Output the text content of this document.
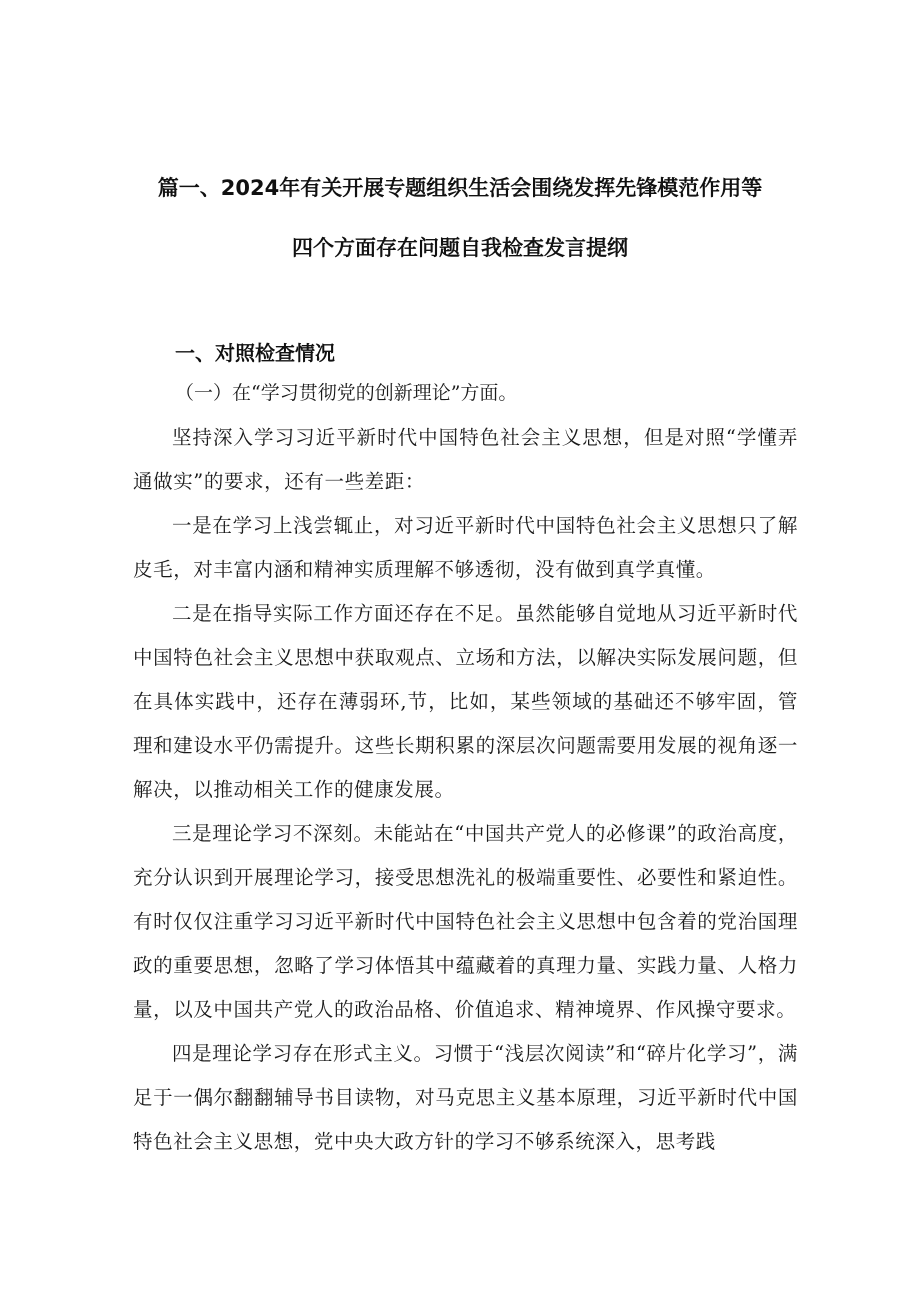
篇一、2024年有关开展专题组织生活会围绕发挥先锋模范作用等
四个方面存在问题自我检查发言提纲
一、对照检查情况
（一）在“学习贯彻党的创新理论”方面。

坚持深入学习习近平新时代中国特色社会主义思想，但是对照“学懂弄通做实”的要求，还有一些差距：

一是在学习上浅尝辄止，对习近平新时代中国特色社会主义思想只了解皮毛，对丰富内涵和精神实质理解不够透彻，没有做到真学真懂。

二是在指导实际工作方面还存在不足。虽然能够自觉地从习近平新时代中国特色社会主义思想中获取观点、立场和方法，以解决实际发展问题，但在具体实践中，还存在薄弱环,节，比如，某些领域的基础还不够牢固，管理和建设水平仍需提升。这些长期积累的深层次问题需要用发展的视角逐一解决，以推动相关工作的健康发展。

三是理论学习不深刻。未能站在“中国共产党人的必修课”的政治高度，充分认识到开展理论学习，接受思想洗礼的极端重要性、必要性和紧迫性。有时仅仅注重学习习近平新时代中国特色社会主义思想中包含着的党治国理政的重要思想，忽略了学习体悟其中蕴藏着的真理力量、实践力量、人格力量，以及中国共产党人的政治品格、价值追求、精神境界、作风操守要求。

四是理论学习存在形式主义。习惯于“浅层次阅读”和“碎片化学习”，满足于一偶尔翻翻辅导书目读物，对马克思主义基本原理，习近平新时代中国特色社会主义思想，党中央大政方针的学习不够系统深入，思考践
